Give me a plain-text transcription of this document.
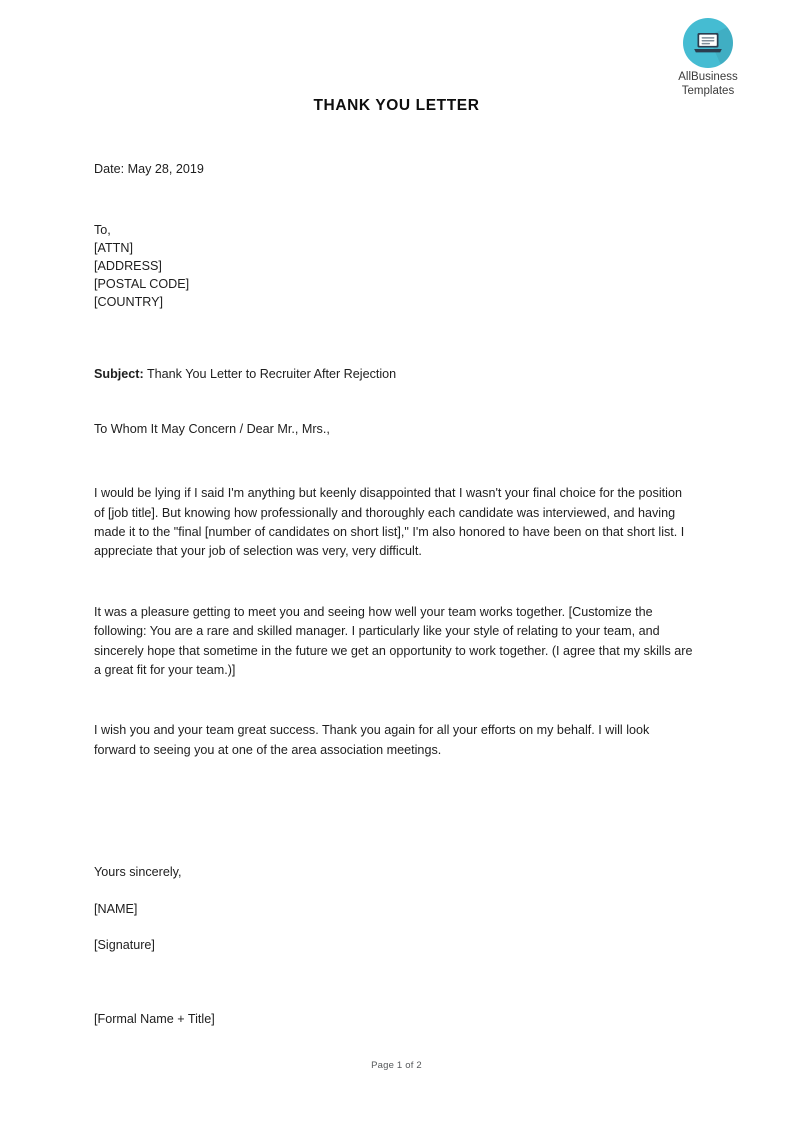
AllBusiness
Templates
THANK YOU LETTER
Date: May 28, 2019
To,
[ATTN]
[ADDRESS]
[POSTAL CODE]
[COUNTRY]
Subject: Thank You Letter to Recruiter After Rejection
To Whom It May Concern / Dear Mr., Mrs.,
I would be lying if I said I'm anything but keenly disappointed that I wasn't your final choice for the position of [job title]. But knowing how professionally and thoroughly each candidate was interviewed, and having made it to the "final [number of candidates on short list]," I'm also honored to have been on that short list. I appreciate that your job of selection was very, very difficult.
It was a pleasure getting to meet you and seeing how well your team works together. [Customize the following: You are a rare and skilled manager. I particularly like your style of relating to your team, and sincerely hope that sometime in the future we get an opportunity to work together. (I agree that my skills are a great fit for your team.)]
I wish you and your team great success. Thank you again for all your efforts on my behalf. I will look forward to seeing you at one of the area association meetings.
Yours sincerely,
[NAME]
[Signature]
[Formal Name + Title]
Page 1 of 2
